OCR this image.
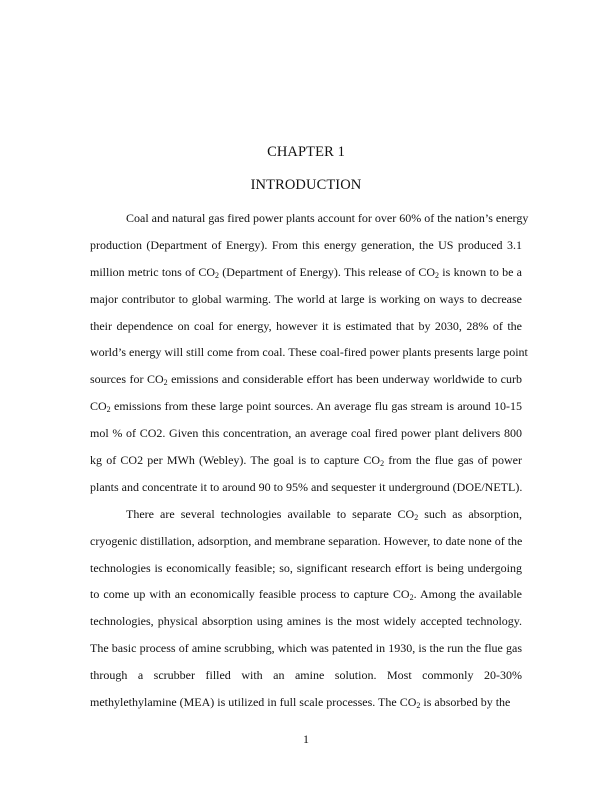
CHAPTER 1
INTRODUCTION
Coal and natural gas fired power plants account for over 60% of the nation’s energy
production (Department of Energy). From this energy generation, the US produced 3.1
million metric tons of $CO_2$ (Department of Energy). This release of $CO_2$ is known to be a
major contributor to global warming. The world at large is working on ways to decrease
their dependence on coal for energy, however it is estimated that by 2030, 28% of the
world’s energy will still come from coal. These coal-fired power plants presents large point
sources for $CO_2$ emissions and considerable effort has been underway worldwide to curb
$CO_2$ emissions from these large point sources. An average flu gas stream is around 10-15
mol % of CO2. Given this concentration, an average coal fired power plant delivers 800
kg of CO2 per MWh (Webley). The goal is to capture $CO_2$ from the flue gas of power
plants and concentrate it to around 90 to 95% and sequester it underground (DOE/NETL).
There are several technologies available to separate $CO_2$ such as absorption,
cryogenic distillation, adsorption, and membrane separation. However, to date none of the
technologies is economically feasible; so, significant research effort is being undergoing
to come up with an economically feasible process to capture $CO_2$. Among the available
technologies, physical absorption using amines is the most widely accepted technology.
The basic process of amine scrubbing, which was patented in 1930, is the run the flue gas
through a scrubber filled with an amine solution. Most commonly 20-30%
methylethylamine (MEA) is utilized in full scale processes. The $CO_2$ is absorbed by the
1
